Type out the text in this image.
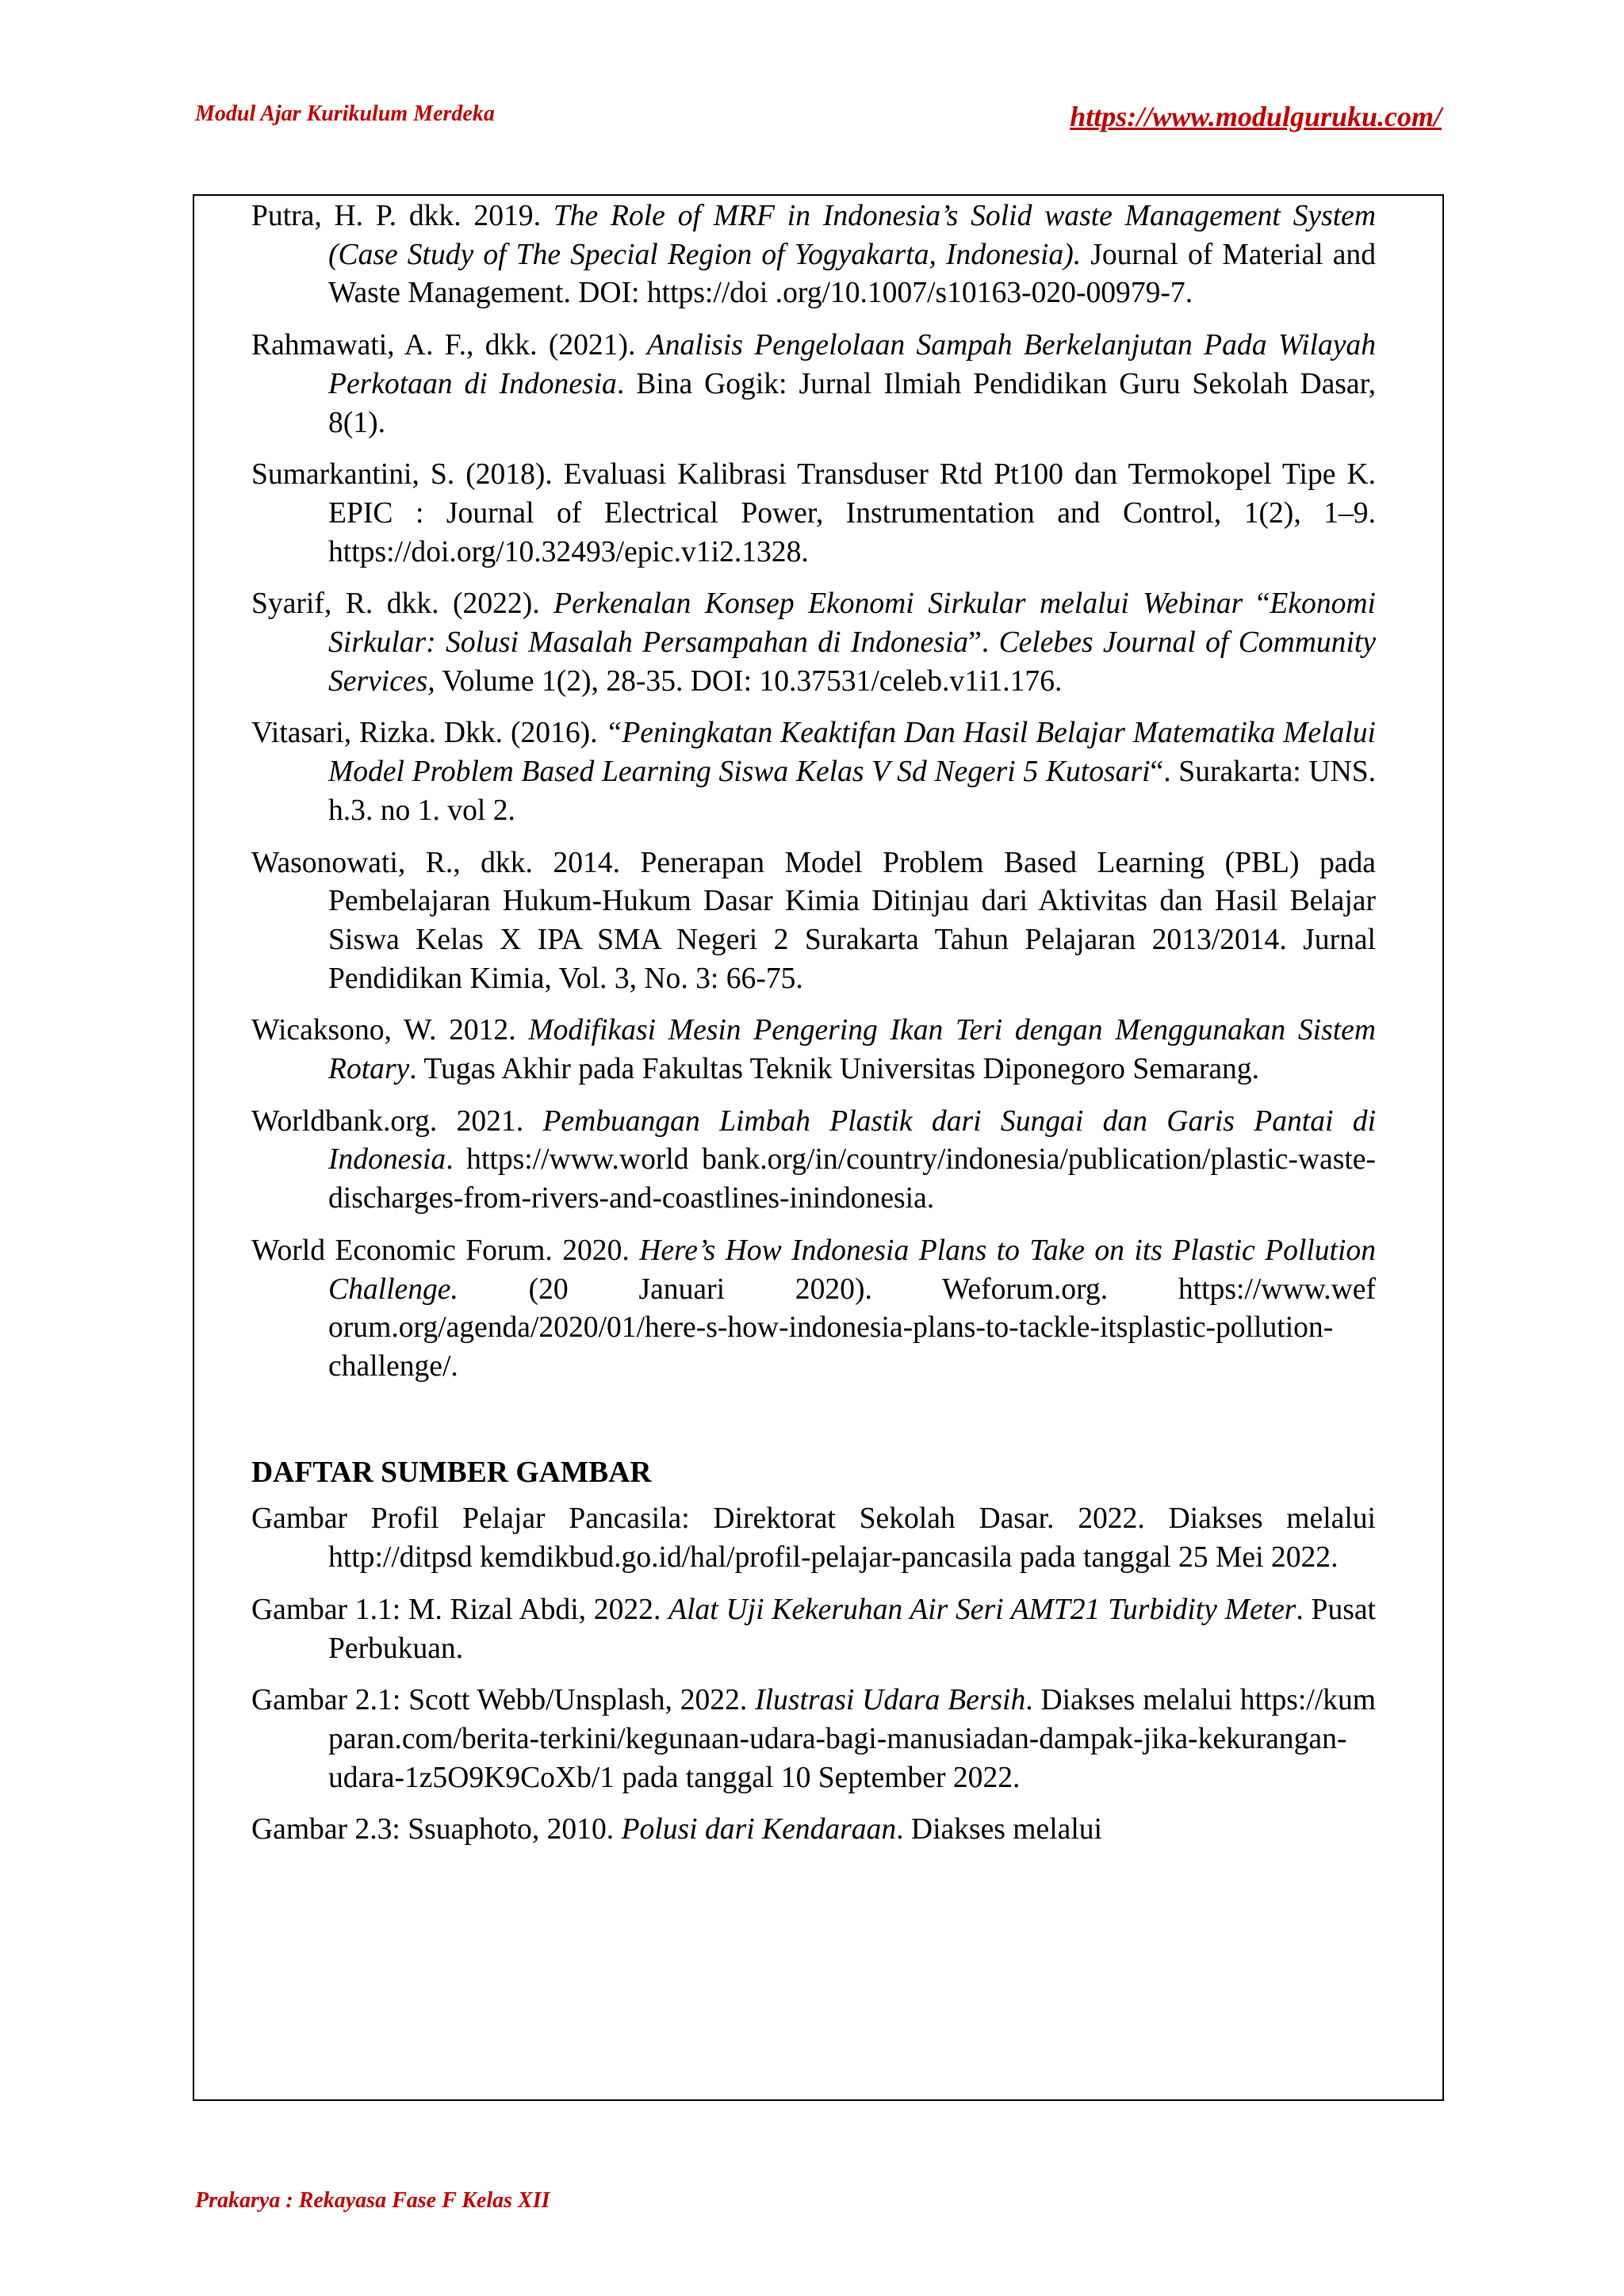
Modul Ajar Kurikulum Merdeka	https://www.modulguruku.com/

Putra, H. P. dkk. 2019. The Role of MRF in Indonesia’s Solid waste Management System (Case Study of The Special Region of Yogyakarta, Indonesia). Journal of Material and Waste Management. DOI: https://doi .org/10.1007/s10163-020-00979-7.

Rahmawati, A. F., dkk. (2021). Analisis Pengelolaan Sampah Berkelanjutan Pada Wilayah Perkotaan di Indonesia. Bina Gogik: Jurnal Ilmiah Pendidikan Guru Sekolah Dasar, 8(1).

Sumarkantini, S. (2018). Evaluasi Kalibrasi Transduser Rtd Pt100 dan Termokopel Tipe K. EPIC : Journal of Electrical Power, Instrumentation and Control, 1(2), 1–9. https://doi.org/10.32493/epic.v1i2.1328.

Syarif, R. dkk. (2022). Perkenalan Konsep Ekonomi Sirkular melalui Webinar “Ekonomi Sirkular: Solusi Masalah Persampahan di Indonesia”. Celebes Journal of Community Services, Volume 1(2), 28-35. DOI: 10.37531/celeb.v1i1.176.

Vitasari, Rizka. Dkk. (2016). “Peningkatan Keaktifan Dan Hasil Belajar Matematika Melalui Model Problem Based Learning Siswa Kelas V Sd Negeri 5 Kutosari“. Surakarta: UNS. h.3. no 1. vol 2.

Wasonowati, R., dkk. 2014. Penerapan Model Problem Based Learning (PBL) pada Pembelajaran Hukum-Hukum Dasar Kimia Ditinjau dari Aktivitas dan Hasil Belajar Siswa Kelas X IPA SMA Negeri 2 Surakarta Tahun Pelajaran 2013/2014. Jurnal Pendidikan Kimia, Vol. 3, No. 3: 66-75.

Wicaksono, W. 2012. Modifikasi Mesin Pengering Ikan Teri dengan Menggunakan Sistem Rotary. Tugas Akhir pada Fakultas Teknik Universitas Diponegoro Semarang.

Worldbank.org. 2021. Pembuangan Limbah Plastik dari Sungai dan Garis Pantai di Indonesia. https://www.world bank.org/in/country/indonesia/publication/plastic-waste-discharges-from-rivers-and-coastlines-inindonesia.

World Economic Forum. 2020. Here’s How Indonesia Plans to Take on its Plastic Pollution Challenge. (20 Januari 2020). Weforum.org. https://www.wef orum.org/agenda/2020/01/here-s-how-indonesia-plans-to-tackle-itsplastic-pollution-challenge/.

DAFTAR SUMBER GAMBAR

Gambar Profil Pelajar Pancasila: Direktorat Sekolah Dasar. 2022. Diakses melalui http://ditpsd kemdikbud.go.id/hal/profil-pelajar-pancasila pada tanggal 25 Mei 2022.

Gambar 1.1: M. Rizal Abdi, 2022. Alat Uji Kekeruhan Air Seri AMT21 Turbidity Meter. Pusat Perbukuan.

Gambar 2.1: Scott Webb/Unsplash, 2022. Ilustrasi Udara Bersih. Diakses melalui https://kum paran.com/berita-terkini/kegunaan-udara-bagi-manusiadan-dampak-jika-kekurangan-udara-1z5O9K9CoXb/1 pada tanggal 10 September 2022.

Gambar 2.3: Ssuaphoto, 2010. Polusi dari Kendaraan. Diakses melalui

Prakarya : Rekayasa Fase F Kelas XII
